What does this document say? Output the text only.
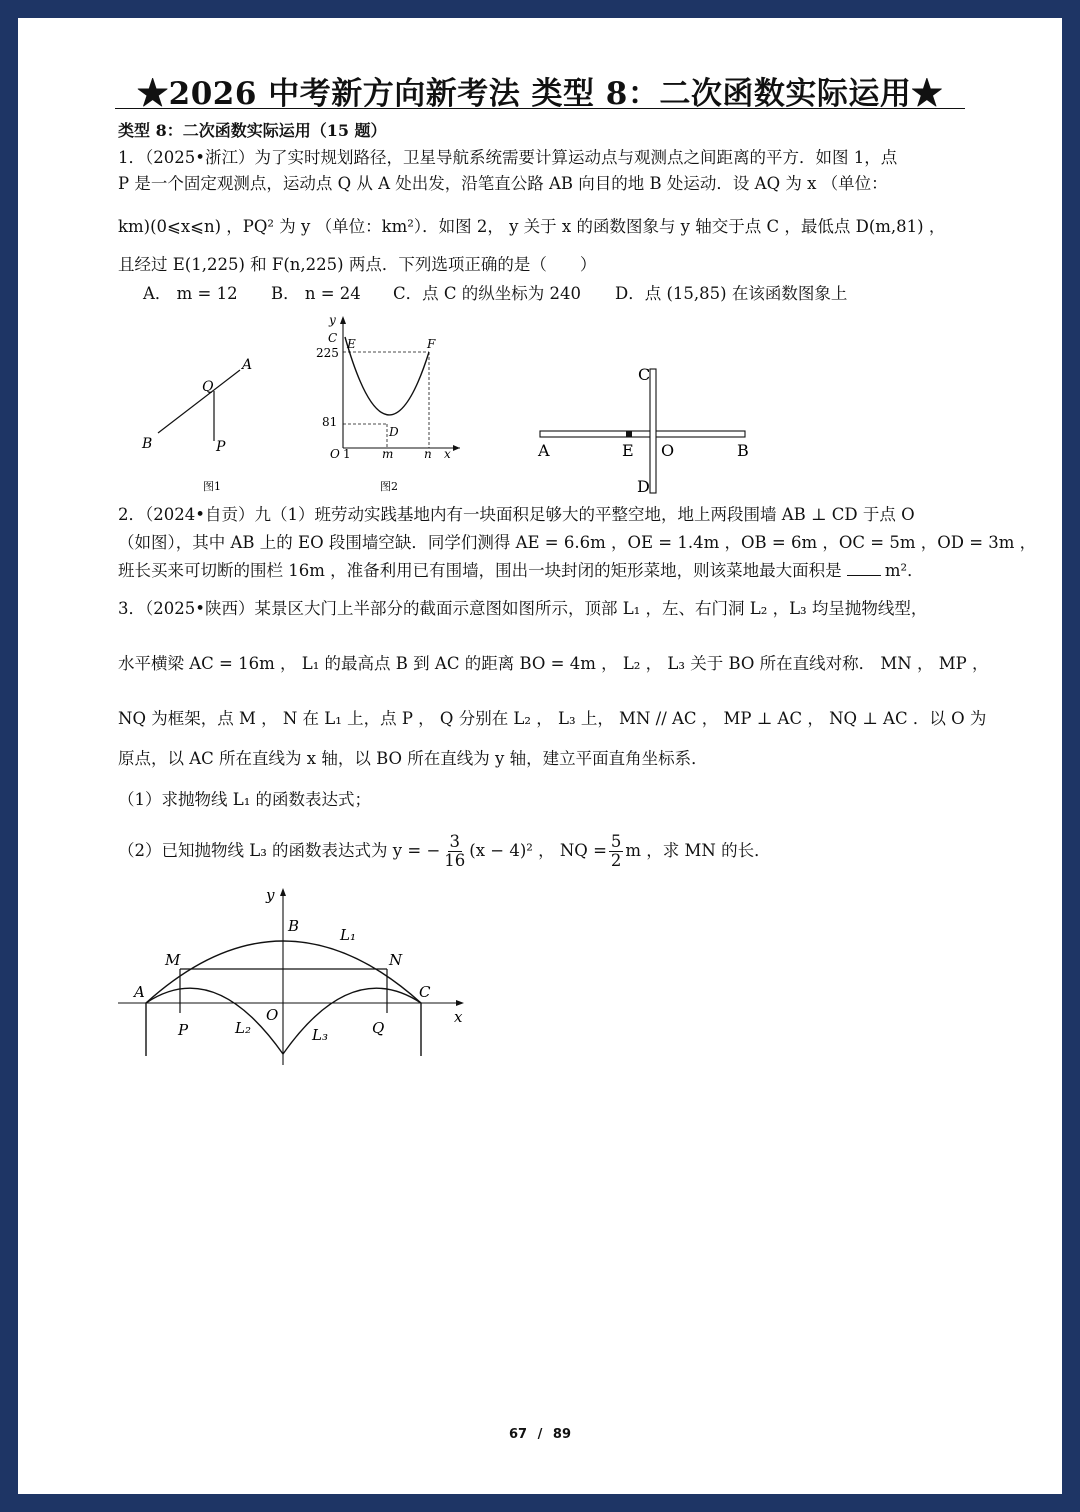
★2026 中考新方向新考法 类型 8：二次函数实际运用★
类型 8：二次函数实际运用（15 题）
1．（2025•浙江）为了实时规划路径，卫星导航系统需要计算运动点与观测点之间距离的平方．如图 1，点
P 是一个固定观测点，运动点 Q 从 A 处出发，沿笔直公路 AB 向目的地 B 处运动．设 AQ 为 x （单位：
km)(0⩽x⩽n) ，PQ² 为 y （单位：km²）．如图 2， y 关于 x 的函数图象与 y 轴交于点 C ，最低点 D(m,81) ，
且经过 E(1,225) 和 F(n,225) 两点．下列选项正确的是（　　）
A． m = 12 B． n = 24 C．点 C 的纵坐标为 240 D．点 (15,85) 在该函数图象上
A
Q
B	P
图1
y
C E	F
225
81
D
O 1	m	n x
图2
C
A	E O	B
D
2．（2024•自贡）九（1）班劳动实践基地内有一块面积足够大的平整空地，地上两段围墙 AB ⊥ CD 于点 O
（如图），其中 AB 上的 EO 段围墙空缺．同学们测得 AE = 6.6m ，OE = 1.4m ，OB = 6m ，OC = 5m ，OD = 3m ，
班长买来可切断的围栏 16m ，准备利用已有围墙，围出一块封闭的矩形菜地，则该菜地最大面积是	m²．
3．（2025•陕西）某景区大门上半部分的截面示意图如图所示，顶部 L₁ ，左、右门洞 L₂ ，L₃ 均呈抛物线型，
水平横梁 AC = 16m ， L₁ 的最高点 B 到 AC 的距离 BO = 4m ， L₂ ， L₃ 关于 BO 所在直线对称． MN ， MP ，
NQ 为框架，点 M ， N 在 L₁ 上，点 P ， Q 分别在 L₂ ， L₃ 上， MN // AC ， MP ⊥ AC ， NQ ⊥ AC ．以 O 为
原点，以 AC 所在直线为 x 轴，以 BO 所在直线为 y 轴，建立平面直角坐标系．
（1）求抛物线 L₁ 的函数表达式；
（2）已知抛物线 L₃ 的函数表达式为 y = − $\frac{3}{16} (x - 4)^2$ ， NQ = $\frac{5}{2}$ m ，求 MN 的长．
y
B	L₁
M	N
A	C
O
P	L₂	L₃	Q
x
67 / 89
